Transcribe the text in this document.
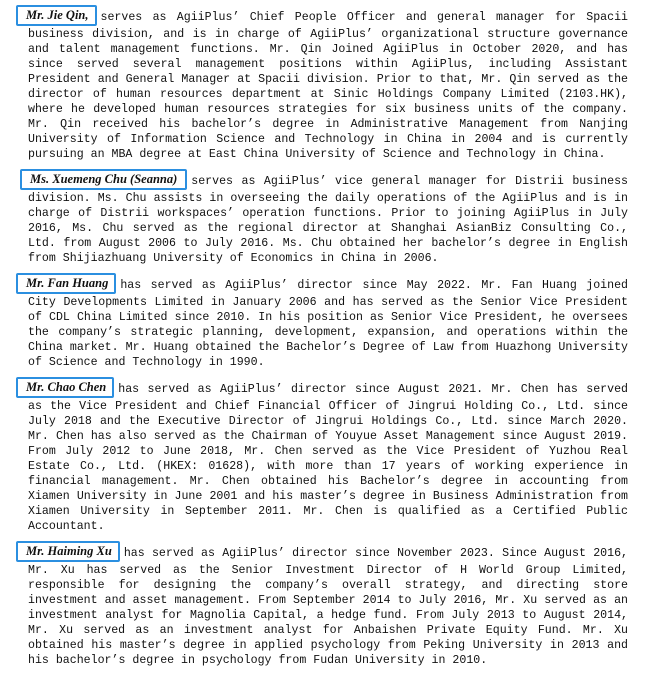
Mr. Jie Qin, serves as AgiiPlus’ Chief People Officer and general manager for Spacii business division, and is in charge of AgiiPlus’ organizational structure governance and talent management functions. Mr. Qin Joined AgiiPlus in October 2020, and has since served several management positions within AgiiPlus, including Assistant President and General Manager at Spacii division. Prior to that, Mr. Qin served as the director of human resources department at Sinic Holdings Company Limited (2103.HK), where he developed human resources strategies for six business units of the company. Mr. Qin received his bachelor’s degree in Administrative Management from Nanjing University of Information Science and Technology in China in 2004 and is currently pursuing an MBA degree at East China University of Science and Technology in China.

Ms. Xuemeng Chu (Seanna) serves as AgiiPlus’ vice general manager for Distrii business division. Ms. Chu assists in overseeing the daily operations of the AgiiPlus and is in charge of Distrii workspaces’ operation functions. Prior to joining AgiiPlus in July 2016, Ms. Chu served as the regional director at Shanghai AsianBiz Consulting Co., Ltd. from August 2006 to July 2016. Ms. Chu obtained her bachelor’s degree in English from Shijiazhuang University of Economics in China in 2006.

Mr. Fan Huang has served as AgiiPlus’ director since May 2022. Mr. Fan Huang joined City Developments Limited in January 2006 and has served as the Senior Vice President of CDL China Limited since 2010. In his position as Senior Vice President, he oversees the company’s strategic planning, development, expansion, and operations within the China market. Mr. Huang obtained the Bachelor’s Degree of Law from Huazhong University of Science and Technology in 1990.

Mr. Chao Chen has served as AgiiPlus’ director since August 2021. Mr. Chen has served as the Vice President and Chief Financial Officer of Jingrui Holding Co., Ltd. since July 2018 and the Executive Director of Jingrui Holdings Co., Ltd. since March 2020. Mr. Chen has also served as the Chairman of Youyue Asset Management since August 2019. From July 2012 to June 2018, Mr. Chen served as the Vice President of Yuzhou Real Estate Co., Ltd. (HKEX: 01628), with more than 17 years of working experience in financial management. Mr. Chen obtained his Bachelor’s degree in accounting from Xiamen University in June 2001 and his master’s degree in Business Administration from Xiamen University in September 2011. Mr. Chen is qualified as a Certified Public Accountant.

Mr. Haiming Xu has served as AgiiPlus’ director since November 2023. Since August 2016, Mr. Xu has served as the Senior Investment Director of H World Group Limited, responsible for designing the company’s overall strategy, and directing store investment and asset management. From September 2014 to July 2016, Mr. Xu served as an investment analyst for Magnolia Capital, a hedge fund. From July 2013 to August 2014, Mr. Xu served as an investment analyst for Anbaishen Private Equity Fund. Mr. Xu obtained his master’s degree in applied psychology from Peking University in 2013 and his bachelor’s degree in psychology from Fudan University in 2010.
